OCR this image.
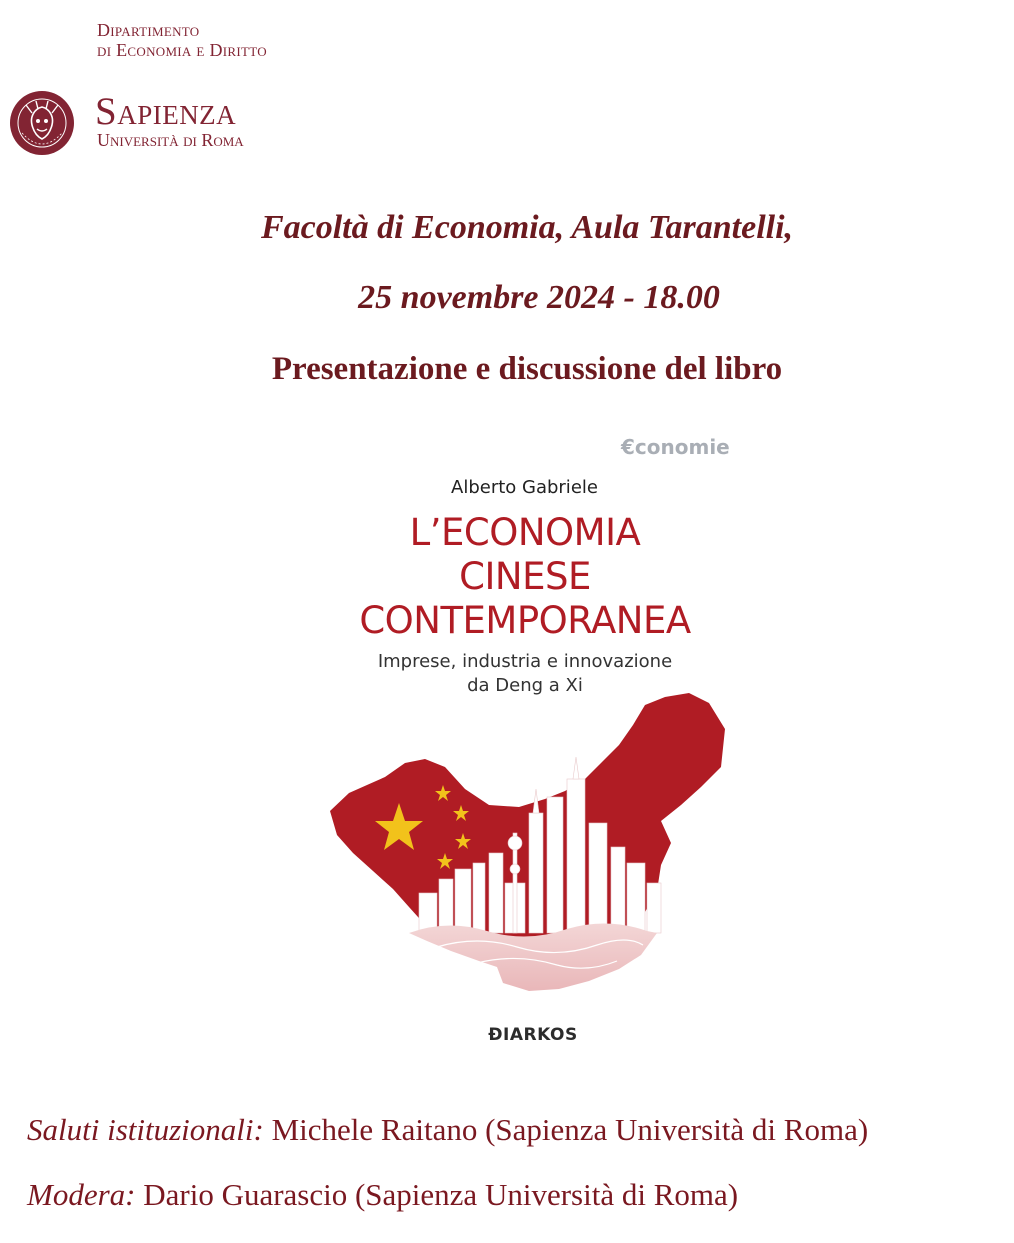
Dipartimento
di Economia e Diritto
Sapienza
Università di Roma
Facoltà di Economia, Aula Tarantelli,
25 novembre 2024 - 18.00
Presentazione e discussione del libro
€conomie
Alberto Gabriele
L’ECONOMIA
CINESE
CONTEMPORANEA
Imprese, industria e innovazione
da Deng a Xi
ÐIARKOS
Saluti istituzionali: Michele Raitano (Sapienza Università di Roma)
Modera: Dario Guarascio (Sapienza Università di Roma)
